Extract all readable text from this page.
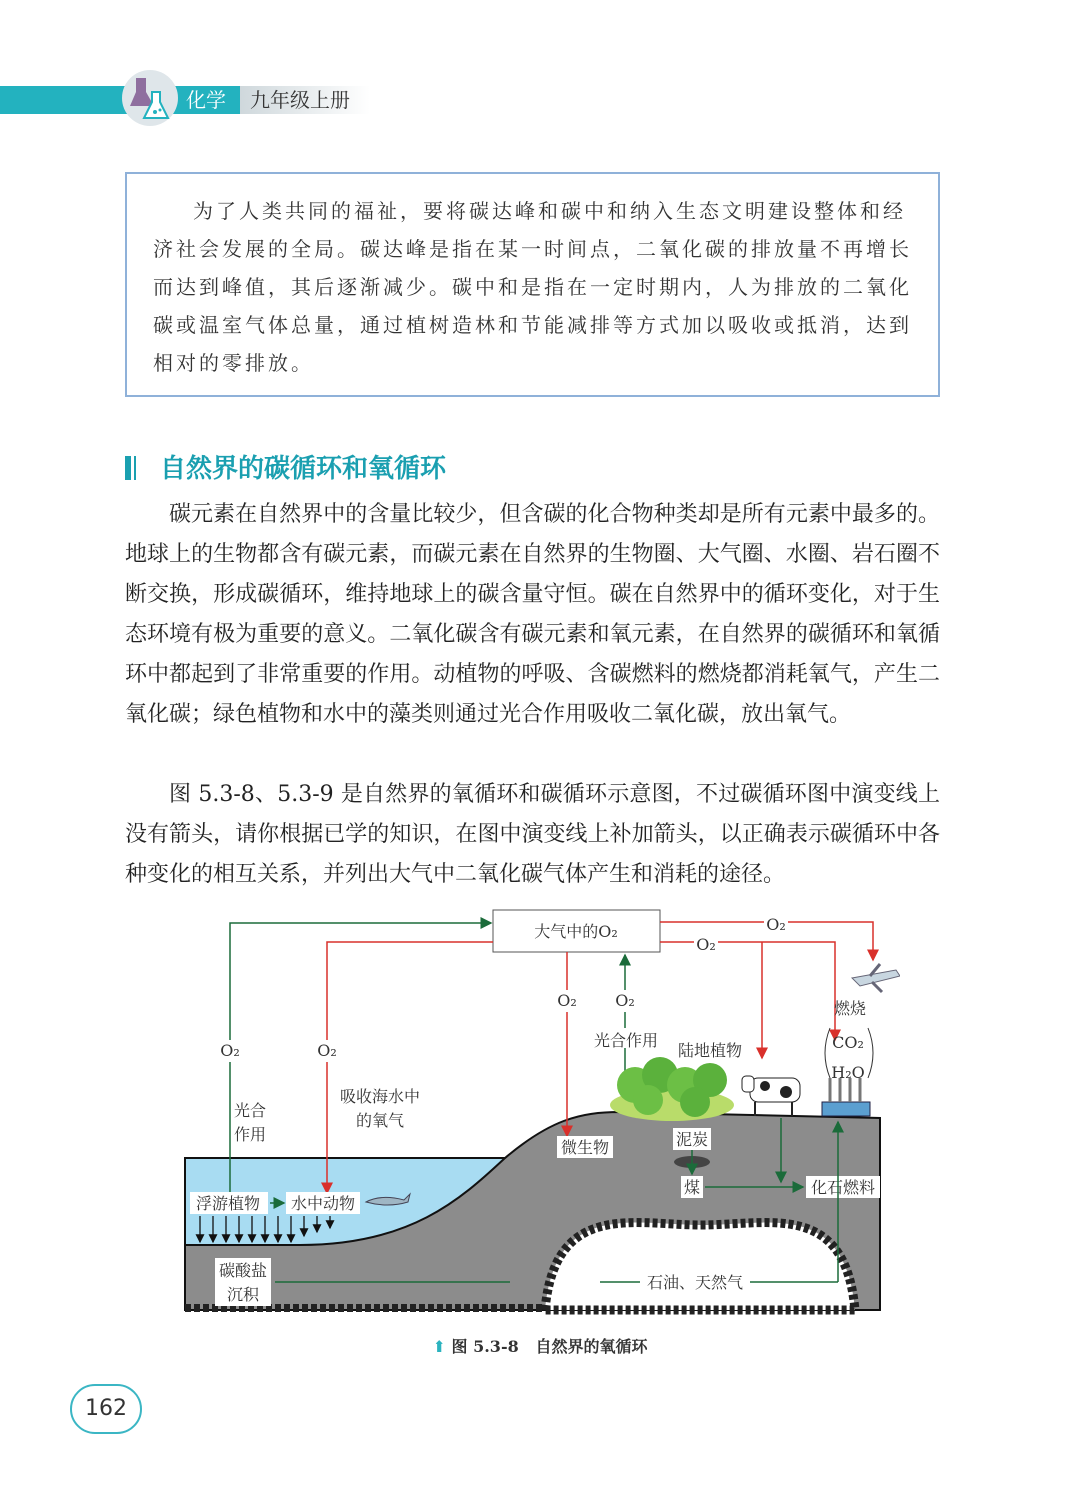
化学 九年级上册
为了人类共同的福祉，要将碳达峰和碳中和纳入生态文明建设整体和经济社会发展的全局。碳达峰是指在某一时间点，二氧化碳的排放量不再增长而达到峰值，其后逐渐减少。碳中和是指在一定时期内，人为排放的二氧化碳或温室气体总量，通过植树造林和节能减排等方式加以吸收或抵消，达到相对的零排放。
自然界的碳循环和氧循环
碳元素在自然界中的含量比较少，但含碳的化合物种类却是所有元素中最多的。地球上的生物都含有碳元素，而碳元素在自然界的生物圈、大气圈、水圈、岩石圈不断交换，形成碳循环，维持地球上的碳含量守恒。碳在自然界中的循环变化，对于生态环境有极为重要的意义。二氧化碳含有碳元素和氧元素，在自然界的碳循环和氧循环中都起到了非常重要的作用。动植物的呼吸、含碳燃料的燃烧都消耗氧气，产生二氧化碳；绿色植物和水中的藻类则通过光合作用吸收二氧化碳，放出氧气。
图 5.3-8、5.3-9 是自然界的氧循环和碳循环示意图，不过碳循环图中演变线上没有箭头，请你根据已学的知识，在图中演变线上补加箭头，以正确表示碳循环中各种变化的相互关系，并列出大气中二氧化碳气体产生和消耗的途径。
大气中的O₂
O₂
光合
作用
O₂
吸收海水中
的氧气
O₂ O₂
光合作用
陆地植物
O₂
O₂
燃烧
CO₂
H₂O
微生物	泥炭
煤	化石燃料
浮游植物 水中动物
碳酸盐
沉积
石油、天然气
⬆ 图 5.3-8 自然界的氧循环
162
